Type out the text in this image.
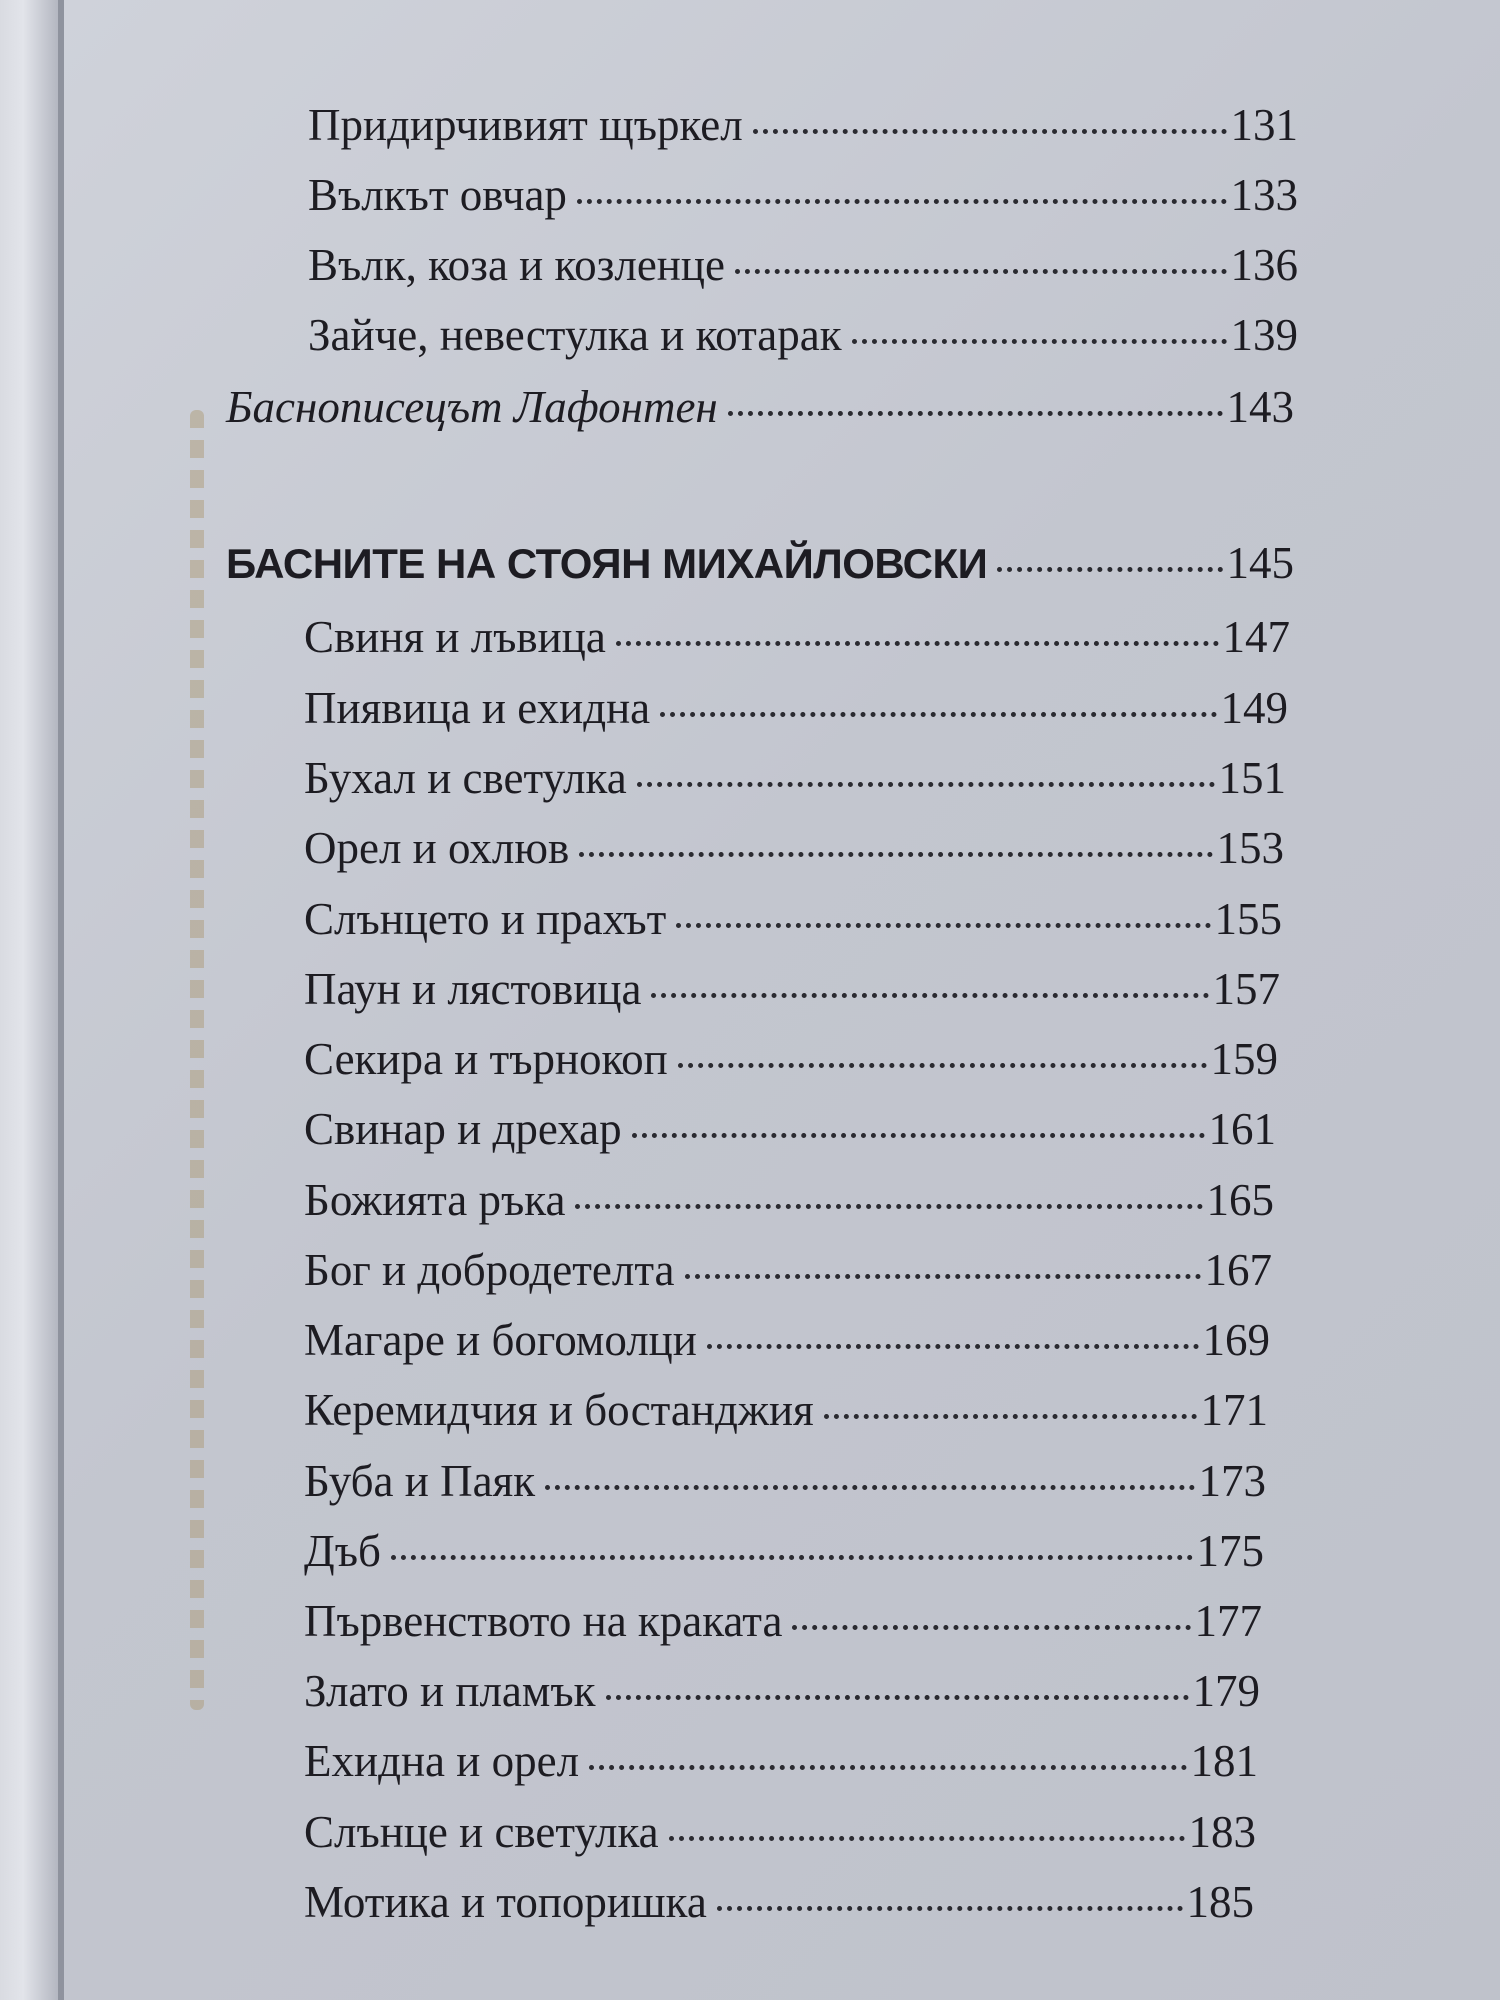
Придирчивият щъркел	131
Вълкът овчар	133
Вълк, коза и козленце	136
Зайче, невестулка и котарак	139
Баснописецът Лафонтен	143
БАСНИТЕ НА СТОЯН МИХАЙЛОВСКИ	145
Свиня и лъвица	147
Пиявица и ехидна	149
Бухал и светулка	151
Орел и охлюв	153
Слънцето и прахът	155
Паун и лястовица	157
Секира и търнокоп	159
Свинар и дрехар	161
Божията ръка	165
Бог и добродетелта	167
Магаре и богомолци	169
Керемидчия и бостанджия	171
Буба и Паяк	173
Дъб	175
Първенството на краката	177
Злато и пламък	179
Ехидна и орел	181
Слънце и светулка	183
Мотика и топоришка	185
